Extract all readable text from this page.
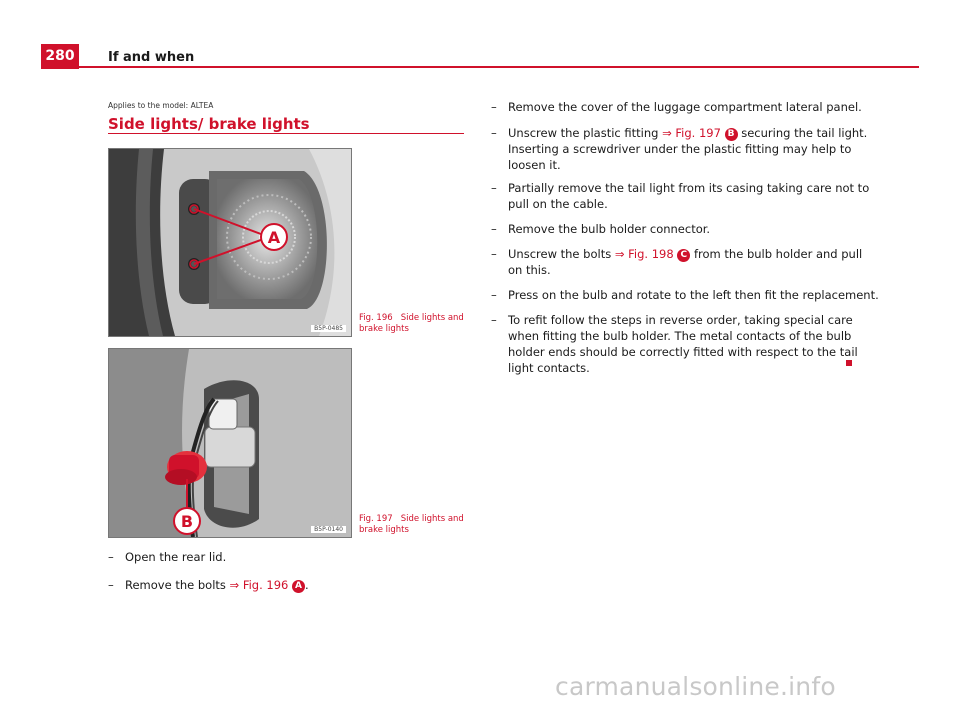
280	If and when
Applies to the model: ALTEA
Side lights/ brake lights
A
B5P-0485
Fig. 196 Side lights and brake lights
B	B5P-0140
Fig. 197 Side lights and brake lights
– Open the rear lid.
– Remove the bolts ⇒ Fig. 196 A .
– Remove the cover of the luggage compartment lateral panel.
– Unscrew the plastic fitting ⇒ Fig. 197 B securing the tail light.
Inserting a screwdriver under the plastic fitting may help to
loosen it.
– Partially remove the tail light from its casing taking care not to
pull on the cable.
– Remove the bulb holder connector.
– Unscrew the bolts ⇒ Fig. 198 C from the bulb holder and pull
on this.
– Press on the bulb and rotate to the left then fit the replacement.
– To refit follow the steps in reverse order, taking special care
when fitting the bulb holder. The metal contacts of the bulb
holder ends should be correctly fitted with respect to the tail
light contacts.
carmanualsonline.info
